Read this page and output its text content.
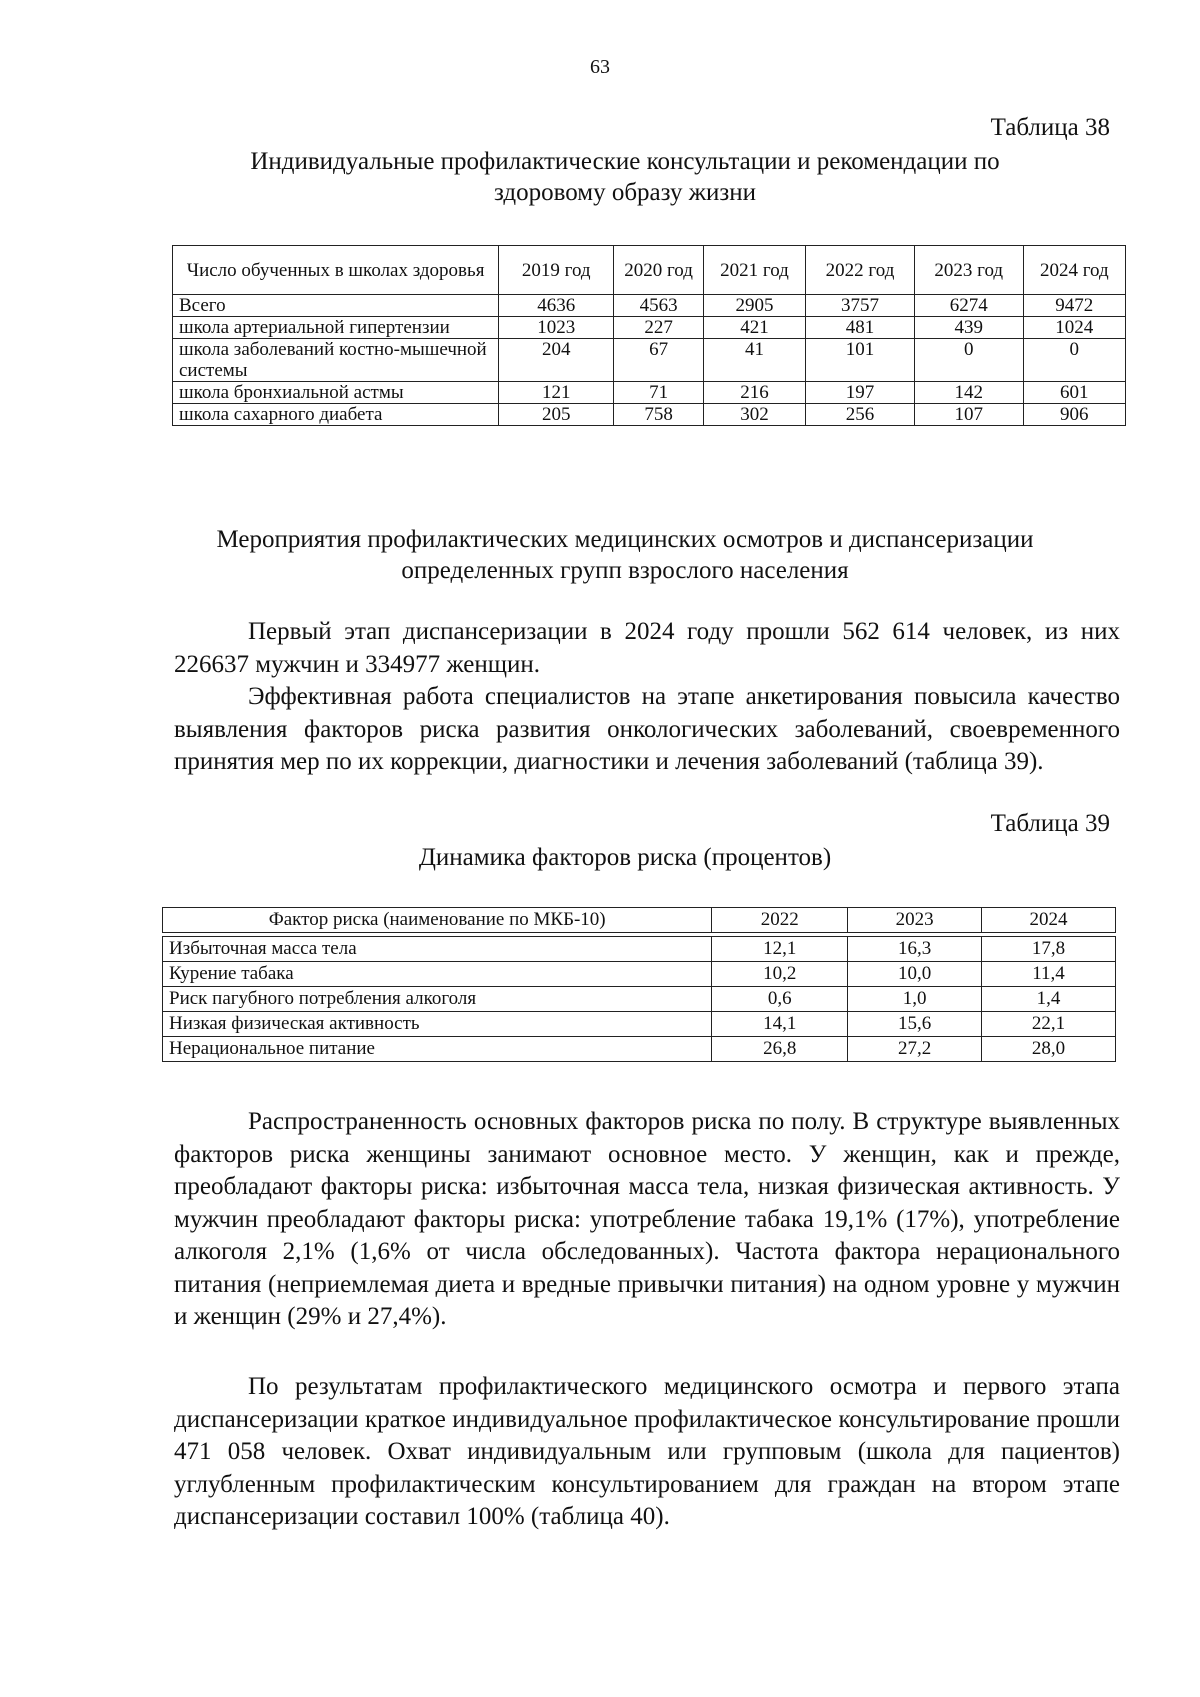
63
Таблица 38
Индивидуальные профилактические консультации и рекомендации по
здоровому образу жизни
Число обученных в школах здоровья	2019 год	2020 год	2021 год	2022 год	2023 год	2024 год
Всего	4636	4563	2905	3757	6274	9472
школа артериальной гипертензии	1023	227	421	481	439	1024
школа заболеваний костно-мышечной системы	204	67	41	101	0	0
школа бронхиальной астмы	121	71	216	197	142	601
школа сахарного диабета	205	758	302	256	107	906
Мероприятия профилактических медицинских осмотров и диспансеризации
определенных групп взрослого населения

Первый этап диспансеризации в 2024 году прошли 562 614 человек, из них 226637 мужчин и 334977 женщин.

Эффективная работа специалистов на этапе анкетирования повысила качество выявления факторов риска развития онкологических заболеваний, своевременного принятия мер по их коррекции, диагностики и лечения заболеваний (таблица 39).

Таблица 39
Динамика факторов риска (процентов)
Фактор риска (наименование по МКБ-10)	2022	2023	2024

Избыточная масса тела	12,1	16,3	17,8
Курение табака	10,2	10,0	11,4
Риск пагубного потребления алкоголя	0,6	1,0	1,4
Низкая физическая активность	14,1	15,6	22,1
Нерациональное питание	26,8	27,2	28,0

Распространенность основных факторов риска по полу. В структуре выявленных факторов риска женщины занимают основное место. У женщин, как и прежде, преобладают факторы риска: избыточная масса тела, низкая физическая активность. У мужчин преобладают факторы риска: употребление табака 19,1% (17%), употребление алкоголя 2,1% (1,6% от числа обследованных). Частота фактора нерационального питания (неприемлемая диета и вредные привычки питания) на одном уровне у мужчин и женщин (29% и 27,4%).

По результатам профилактического медицинского осмотра и первого этапа диспансеризации краткое индивидуальное профилактическое консультирование прошли 471 058 человек. Охват индивидуальным или групповым (школа для пациентов) углубленным профилактическим консультированием для граждан на втором этапе диспансеризации составил 100% (таблица 40).
